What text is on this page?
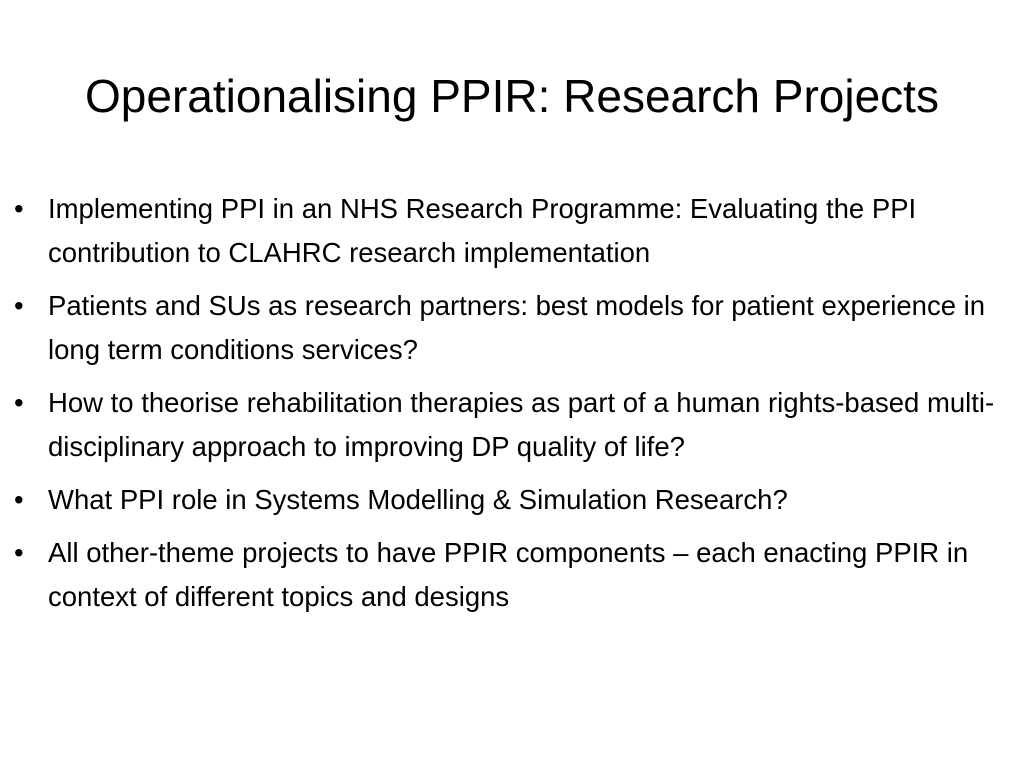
Operationalising PPIR: Research Projects
• Implementing PPI in an NHS Research Programme: Evaluating the PPI contribution to CLAHRC research implementation
• Patients and SUs as research partners: best models for patient experience in long term conditions services?
• How to theorise rehabilitation therapies as part of a human rights-based multi-disciplinary approach to improving DP quality of life?
• What PPI role in Systems Modelling & Simulation Research?
• All other-theme projects to have PPIR components – each enacting PPIR in context of different topics and designs
